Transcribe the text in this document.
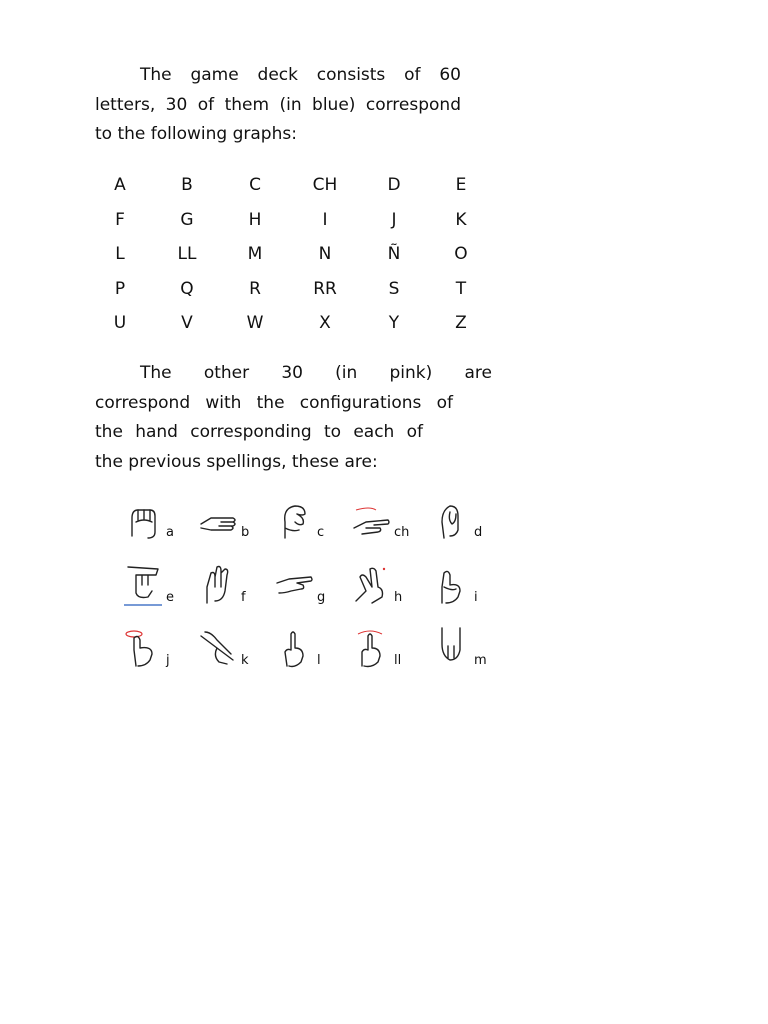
The game deck consists of 60
letters, 30 of them (in blue) correspond
to the following graphs:
A	B	C	CH	D	E
F	G	H	I	J	K
L	LL	M	N	Ñ	O
P	Q	R	RR	S	T
U	V	W	X	Y	Z
The other 30 (in pink) are
correspond with the configurations of
the hand corresponding to each of
the previous spellings, these are:
a	b	c	ch	d
e	f	g	h	i
j	k	l	ll	m
